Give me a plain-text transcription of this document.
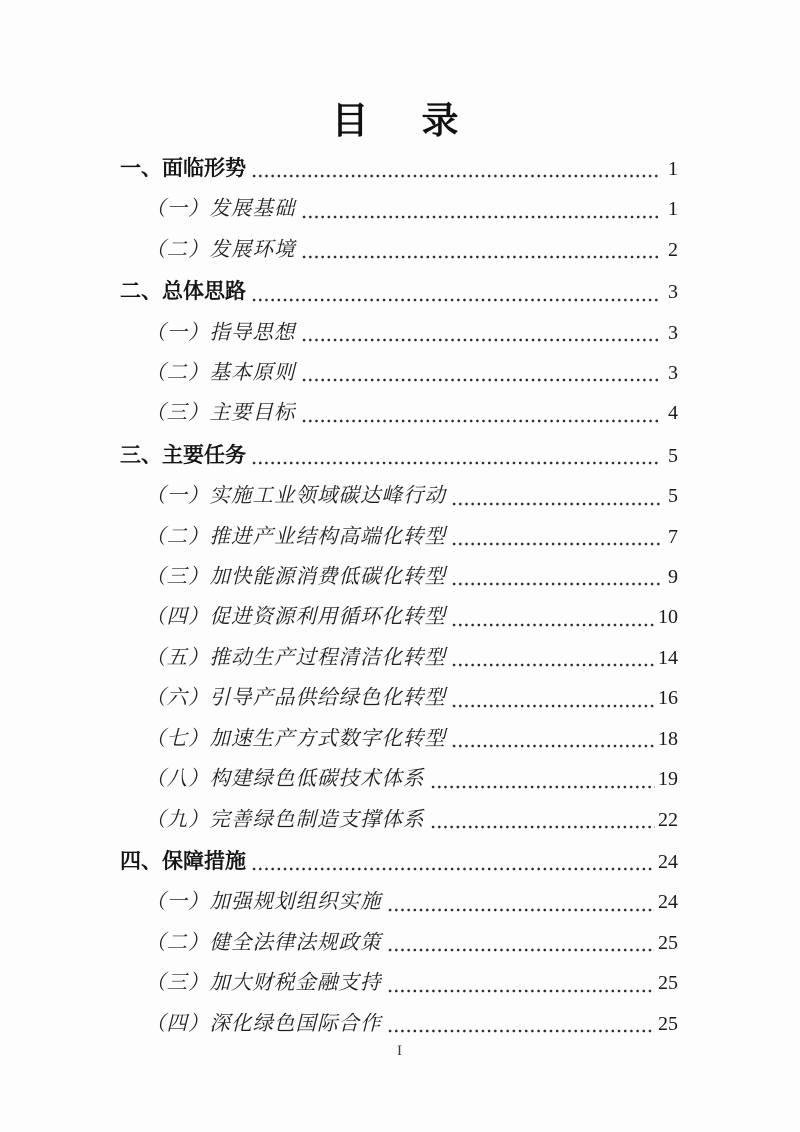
目　录
一、面临形势	1
（一）发展基础	1
（二）发展环境	2
二、总体思路	3
（一）指导思想	3
（二）基本原则	3
（三）主要目标	4
三、主要任务	5
（一）实施工业领域碳达峰行动	5
（二）推进产业结构高端化转型	7
（三）加快能源消费低碳化转型	9
（四）促进资源利用循环化转型	10
（五）推动生产过程清洁化转型	14
（六）引导产品供给绿色化转型	16
（七）加速生产方式数字化转型	18
（八）构建绿色低碳技术体系	19
（九）完善绿色制造支撑体系	22
四、保障措施	24
（一）加强规划组织实施	24
（二）健全法律法规政策	25
（三）加大财税金融支持	25
（四）深化绿色国际合作	25
I
